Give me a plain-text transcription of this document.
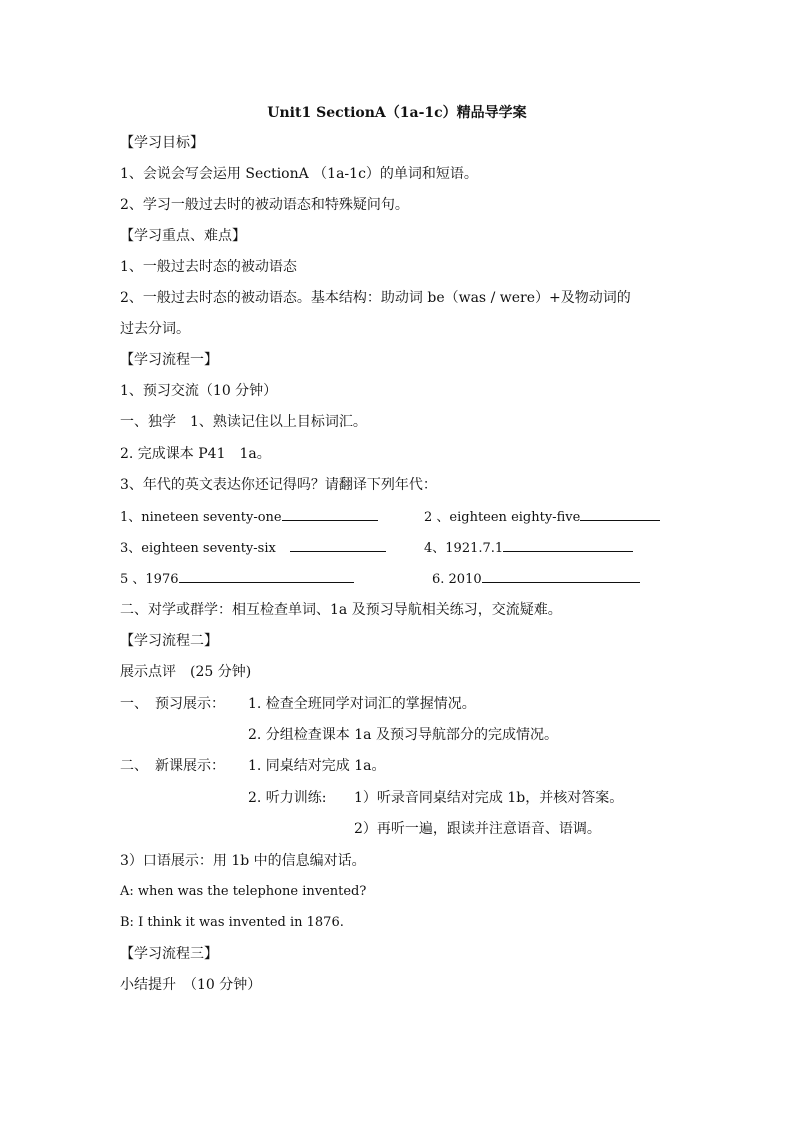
Unit1 SectionA（1a-1c）精品导学案
【学习目标】
1、会说会写会运用 SectionA （1a-1c）的单词和短语。
2、学习一般过去时的被动语态和特殊疑问句。
【学习重点、难点】
1、一般过去时态的被动语态
2、一般过去时态的被动语态。基本结构：助动词 be（was / were）+及物动词的
过去分词。
【学习流程一】
1、预习交流（10 分钟）
一、独学　1、熟读记住以上目标词汇。
2. 完成课本 P41　1a。
3、年代的英文表达你还记得吗？请翻译下列年代：
1、nineteen seventy-one	2 、eighteen eighty-five
3、eighteen seventy-six	4、1921.7.1
5 、1976	6. 2010
二、对学或群学：相互检查单词、1a 及预习导航相关练习，交流疑难。
【学习流程二】
展示点评　(25 分钟)
一、　预习展示： 1. 检查全班同学对词汇的掌握情况。
2. 分组检查课本 1a 及预习导航部分的完成情况。
二、　新课展示： 1. 同桌结对完成 1a。
2. 听力训练: 1）听录音同桌结对完成 1b，并核对答案。
2）再听一遍，跟读并注意语音、语调。
3）口语展示：用 1b 中的信息编对话。
A: when was the telephone invented?
B: I think it was invented in 1876.
【学习流程三】
小结提升　（10 分钟）
